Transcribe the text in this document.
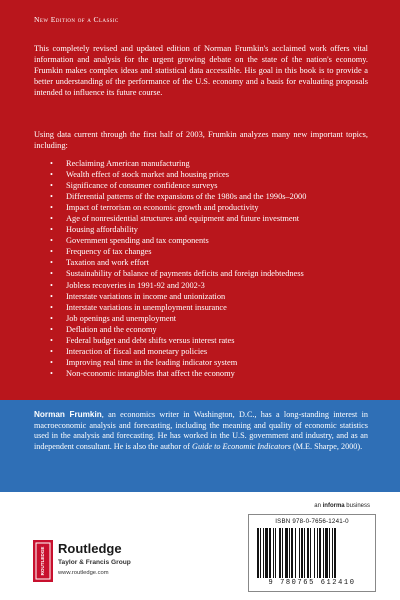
New Edition of a Classic

This completely revised and updated edition of Norman Frumkin's acclaimed work offers vital information and analysis for the urgent growing debate on the state of the nation's economy. Frumkin makes complex ideas and statistical data accessible. His goal in this book is to provide a better understanding of the performance of the U.S. economy and a basis for evaluating proposals intended to influence its future course.

Using data current through the first half of 2003, Frumkin analyzes many new important topics, including:

• Reclaiming American manufacturing
• Wealth effect of stock market and housing prices
• Significance of consumer confidence surveys
• Differential patterns of the expansions of the 1980s and the 1990s–2000
• Impact of terrorism on economic growth and productivity
• Age of nonresidential structures and equipment and future investment
• Housing affordability
• Government spending and tax components
• Frequency of tax changes
• Taxation and work effort
• Sustainability of balance of payments deficits and foreign indebtedness
• Jobless recoveries in 1991-92 and 2002-3
• Interstate variations in income and unionization
• Interstate variations in unemployment insurance
• Job openings and unemployment
• Deflation and the economy
• Federal budget and debt shifts versus interest rates
• Interaction of fiscal and monetary policies
• Improving real time in the leading indicator system
• Non-economic intangibles that affect the economy

Norman Frumkin, an economics writer in Washington, D.C., has a long-standing interest in macroeconomic analysis and forecasting, including the meaning and quality of economic statistics used in the analysis and forecasting. He has worked in the U.S. government and industry, and as an independent consultant. He is also the author of Guide to Economic Indicators (M.E. Sharpe, 2000).

an informa business
ROUTLEDGE Routledge
Taylor & Francis Group
www.routledge.com
ISBN 978-0-7656-1241-0
9 780765 612410
